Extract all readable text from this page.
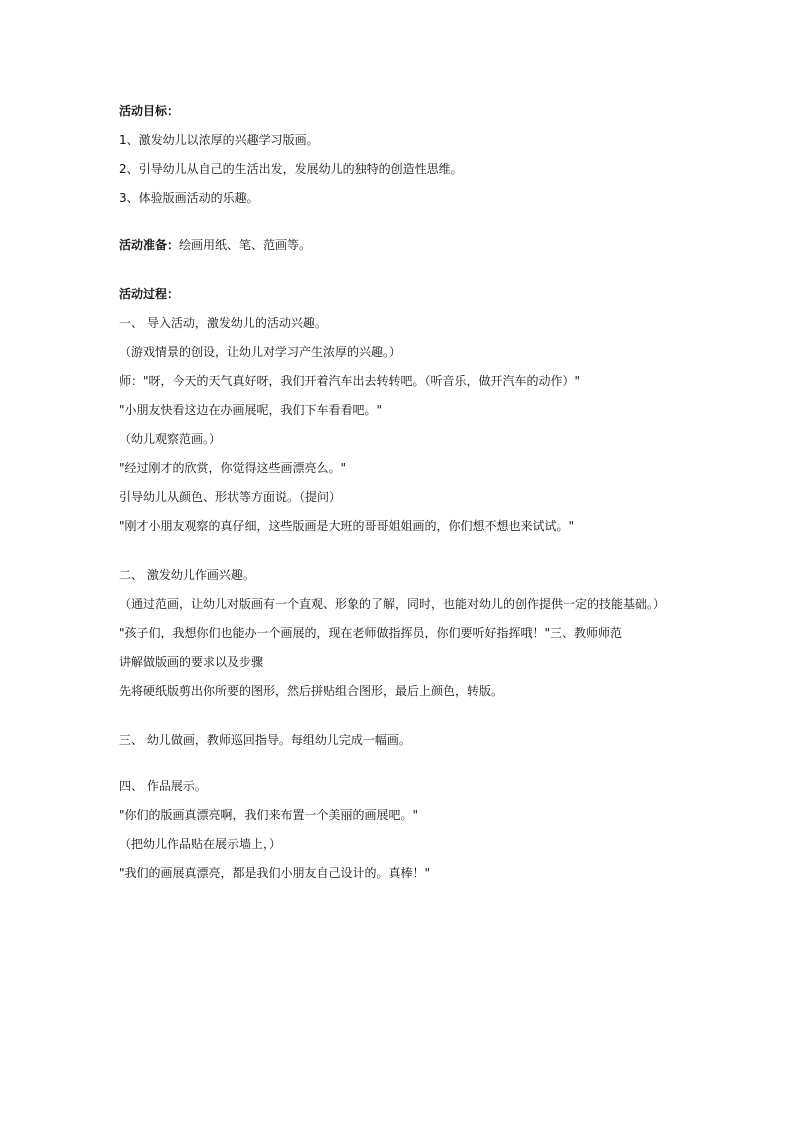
活动目标：
1、激发幼儿以浓厚的兴趣学习版画。
2、引导幼儿从自己的生活出发，发展幼儿的独特的创造性思维。
3、体验版画活动的乐趣。
活动准备：绘画用纸、笔、范画等。
活动过程：
一、 导入活动，激发幼儿的活动兴趣。
（游戏情景的创设，让幼儿对学习产生浓厚的兴趣。）
师："呀，今天的天气真好呀，我们开着汽车出去转转吧。（听音乐，做开汽车的动作）"
"小朋友快看这边在办画展呢，我们下车看看吧。"
（幼儿观察范画。）
"经过刚才的欣赏，你觉得这些画漂亮么。"
引导幼儿从颜色、形状等方面说。（提问）
"刚才小朋友观察的真仔细，这些版画是大班的哥哥姐姐画的，你们想不想也来试试。"
二、 激发幼儿作画兴趣。
（通过范画，让幼儿对版画有一个直观、形象的了解，同时，也能对幼儿的创作提供一定的技能基础。）
"孩子们，我想你们也能办一个画展的，现在老师做指挥员，你们要听好指挥哦！"三、教师师范
讲解做版画的要求以及步骤
先将硬纸版剪出你所要的图形，然后拼贴组合图形，最后上颜色，转版。
三、 幼儿做画，教师巡回指导。每组幼儿完成一幅画。
四、 作品展示。
"你们的版画真漂亮啊，我们来布置一个美丽的画展吧。"
（把幼儿作品贴在展示墙上，）
"我们的画展真漂亮，都是我们小朋友自己设计的。真棒！"
